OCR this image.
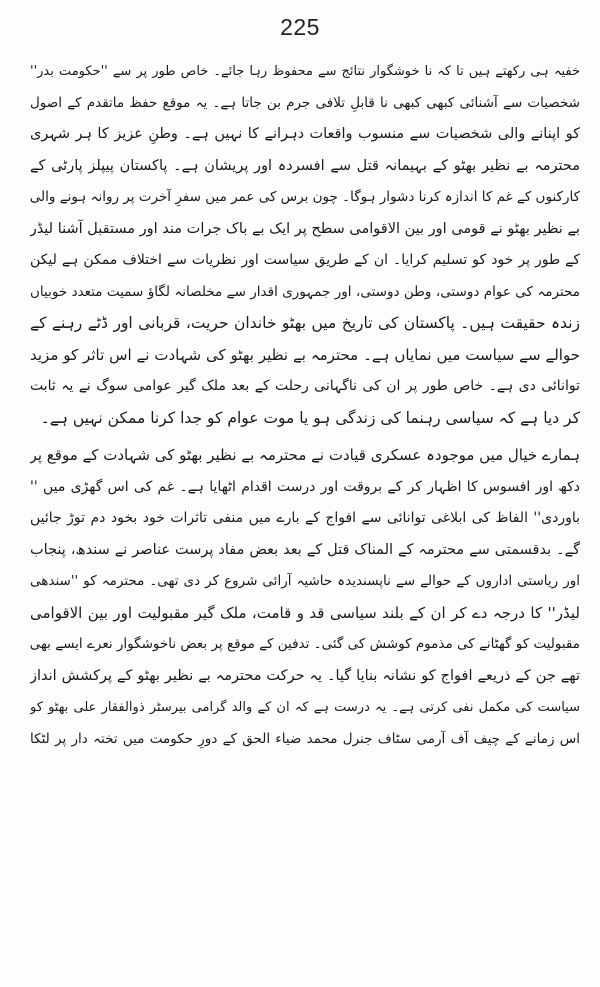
225
خفیہ ہی رکھتے ہیں تا کہ نا خوشگوار نتائج سے محفوظ رہا جائے۔ خاص طور پر سے ''حکومت بدر''
شخصیات سے آشنائی کبھی کبھی نا قابلِ تلافی جرم بن جاتا ہے۔ یہ موقع حفظ ماتقدم کے اصول
کو اپنانے والی شخصیات سے منسوب واقعات دہرانے کا نہیں ہے۔ وطنِ عزیز کا ہر شہری
محترمہ بے نظیر بھٹو کے بہیمانہ قتل سے افسردہ اور پریشان ہے۔ پاکستان پیپلز پارٹی کے
کارکنوں کے غم کا اندازہ کرنا دشوار ہوگا۔ چون برس کی عمر میں سفرِ آخرت پر روانہ ہونے والی
بے نظیر بھٹو نے قومی اور بین الاقوامی سطح پر ایک بے باک جرات مند اور مستقبل آشنا لیڈر
کے طور پر خود کو تسلیم کرایا۔ ان کے طریق سیاست اور نظریات سے اختلاف ممکن ہے لیکن
محترمہ کی عوام دوستی، وطن دوستی، اور جمہوری اقدار سے مخلصانہ لگاؤ سمیت متعدد خوبیاں
زندہ حقیقت ہیں۔ پاکستان کی تاریخ میں بھٹو خاندان حریت، قربانی اور ڈٹے رہنے کے
حوالے سے سیاست میں نمایاں ہے۔ محترمہ بے نظیر بھٹو کی شہادت نے اس تاثر کو مزید
توانائی دی ہے۔ خاص طور پر ان کی ناگہانی رحلت کے بعد ملک گیر عوامی سوگ نے یہ ثابت
کر دیا ہے کہ سیاسی رہنما کی زندگی ہو یا موت عوام کو جدا کرنا ممکن نہیں ہے۔
ہمارے خیال میں موجودہ عسکری قیادت نے محترمہ بے نظیر بھٹو کی شہادت کے موقع پر
دکھ اور افسوس کا اظہار کر کے بروقت اور درست اقدام اٹھایا ہے۔ غم کی اس گھڑی میں ''
باوردی'' الفاظ کی ابلاغی توانائی سے افواج کے بارے میں منفی تاثرات خود بخود دم توڑ جائیں
گے۔ بدقسمتی سے محترمہ کے المناک قتل کے بعد بعض مفاد پرست عناصر نے سندھ، پنجاب
اور ریاستی اداروں کے حوالے سے ناپسندیدہ حاشیہ آرائی شروع کر دی تھی۔ محترمہ کو ''سندھی
لیڈر'' کا درجہ دے کر ان کے بلند سیاسی قد و قامت، ملک گیر مقبولیت اور بین الاقوامی
مقبولیت کو گھٹانے کی مذموم کوشش کی گئی۔ تدفین کے موقع پر بعض ناخوشگوار نعرے ایسے بھی
تھے جن کے ذریعے افواج کو نشانہ بنایا گیا۔ یہ حرکت محترمہ بے نظیر بھٹو کے پرکشش انداز
سیاست کی مکمل نفی کرتی ہے۔ یہ درست ہے کہ ان کے والد گرامی بیرسٹر ذوالفقار علی بھٹو کو
اس زمانے کے چیف آف آرمی سٹاف جنرل محمد ضیاء الحق کے دورِ حکومت میں تختہ دار پر لٹکا
